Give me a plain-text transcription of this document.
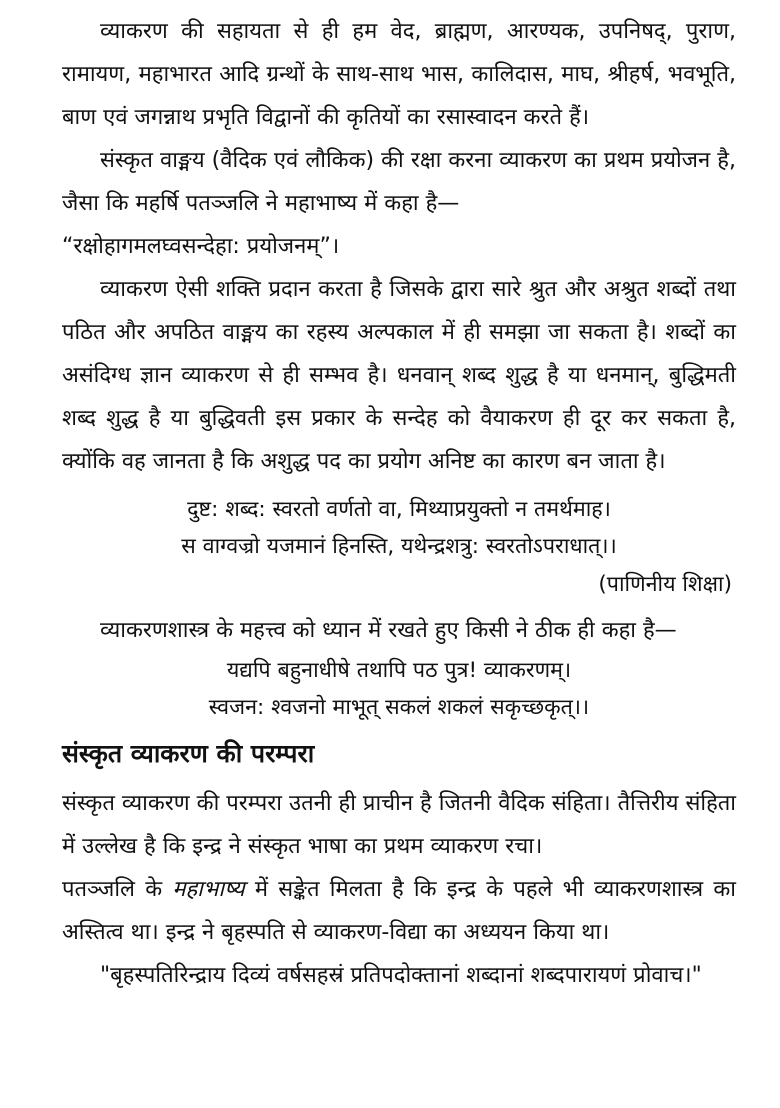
व्याकरण की सहायता से ही हम वेद, ब्राह्मण, आरण्यक, उपनिषद्, पुराण, रामायण, महाभारत आदि ग्रन्थों के साथ-साथ भास, कालिदास, माघ, श्रीहर्ष, भवभूति, बाण एवं जगन्नाथ प्रभृति विद्वानों की कृतियों का रसास्वादन करते हैं।

संस्कृत वाङ्मय (वैदिक एवं लौकिक) की रक्षा करना व्याकरण का प्रथम प्रयोजन है, जैसा कि महर्षि पतञ्जलि ने महाभाष्य में कहा है—
“रक्षोहागमलघ्वसन्देहा: प्रयोजनम्”।

व्याकरण ऐसी शक्ति प्रदान करता है जिसके द्वारा सारे श्रुत और अश्रुत शब्दों तथा पठित और अपठित वाङ्मय का रहस्य अल्पकाल में ही समझा जा सकता है। शब्दों का असंदिग्ध ज्ञान व्याकरण से ही सम्भव है। धनवान् शब्द शुद्ध है या धनमान्, बुद्धिमती शब्द शुद्ध है या बुद्धिवती इस प्रकार के सन्देह को वैयाकरण ही दूर कर सकता है, क्योंकि वह जानता है कि अशुद्ध पद का प्रयोग अनिष्ट का कारण बन जाता है।

दुष्ट: शब्द: स्वरतो वर्णतो वा, मिथ्याप्रयुक्तो न तमर्थमाह।

स वाग्वज्रो यजमानं हिनस्ति, यथेन्द्रशत्रु: स्वरतोऽपराधात्।।

(पाणिनीय शिक्षा)

व्याकरणशास्त्र के महत्त्व को ध्यान में रखते हुए किसी ने ठीक ही कहा है—

यद्यपि बहुनाधीषे तथापि पठ पुत्र! व्याकरणम्।

स्वजन: श्वजनो माभूत् सकलं शकलं सकृच्छकृत्।।

संस्कृत व्याकरण की परम्परा

संस्कृत व्याकरण की परम्परा उतनी ही प्राचीन है जितनी वैदिक संहिता। तैत्तिरीय संहिता में उल्लेख है कि इन्द्र ने संस्कृत भाषा का प्रथम व्याकरण रचा।

पतञ्जलि के महाभाष्य में सङ्केत मिलता है कि इन्द्र के पहले भी व्याकरणशास्त्र का अस्तित्व था। इन्द्र ने बृहस्पति से व्याकरण-विद्या का अध्ययन किया था।

"बृहस्पतिरिन्द्राय दिव्यं वर्षसहस्रं प्रतिपदोक्तानां शब्दानां शब्दपारायणं प्रोवाच।"
